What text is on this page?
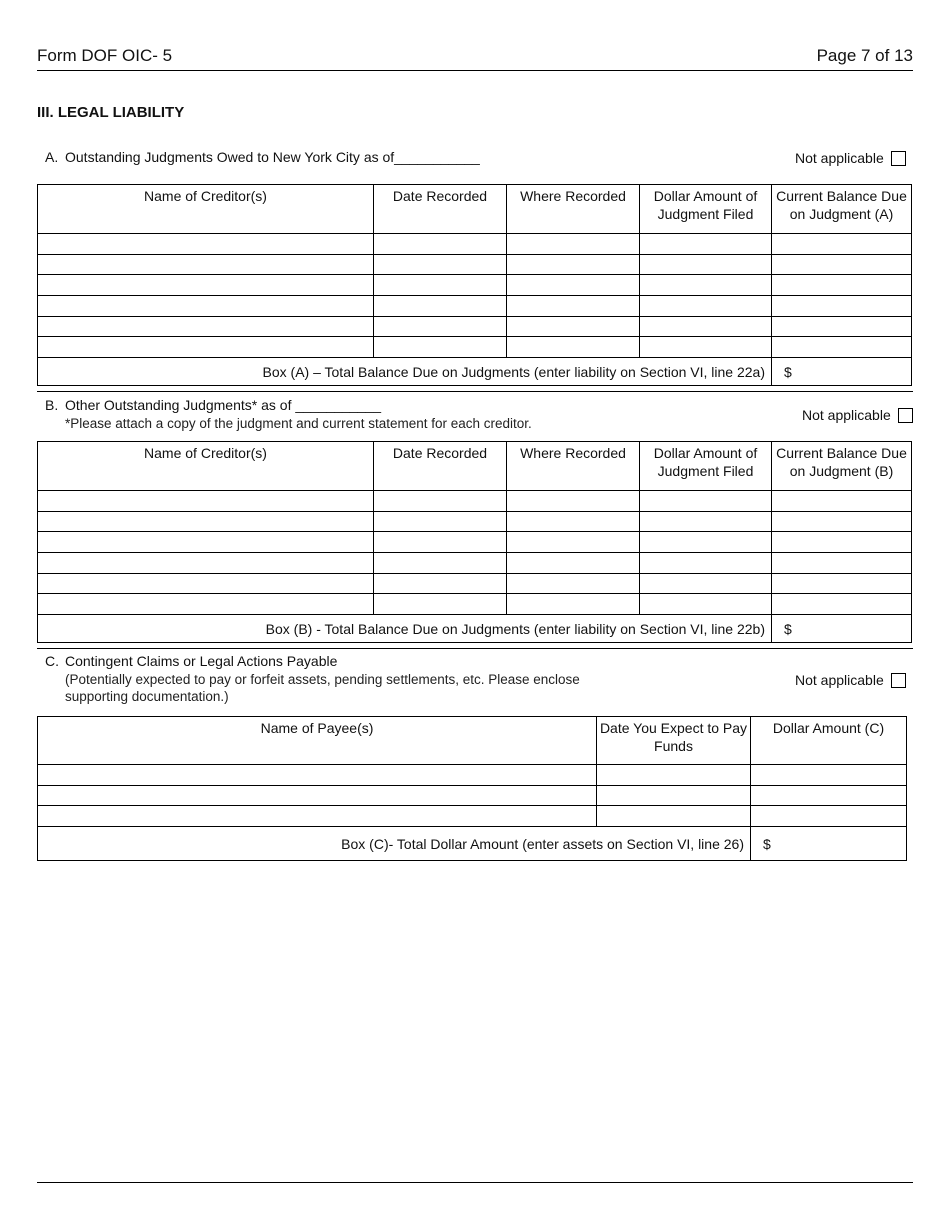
Form DOF OIC- 5	Page 7 of 13
III. LEGAL LIABILITY
A. Outstanding Judgments Owed to New York City as of___________	Not applicable
Name of Creditor(s)	Date Recorded	Where Recorded	Dollar Amount of Judgment Filed	Current Balance Due on Judgment (A)

Box (A) – Total Balance Due on Judgments (enter liability on Section VI, line 22a)				$
B. Other Outstanding Judgments* as of ___________
*Please attach a copy of the judgment and current statement for each creditor.
Not applicable
Name of Creditor(s)	Date Recorded	Where Recorded	Dollar Amount of Judgment Filed	Current Balance Due on Judgment (B)

Box (B) - Total Balance Due on Judgments (enter liability on Section VI, line 22b)				$
C. Contingent Claims or Legal Actions Payable
(Potentially expected to pay or forfeit assets, pending settlements, etc. Please enclose
supporting documentation.)
Not applicable
Name of Payee(s)	Date You Expect to Pay Funds	Dollar Amount (C)

Box (C)- Total Dollar Amount (enter assets on Section VI, line 26)		$
